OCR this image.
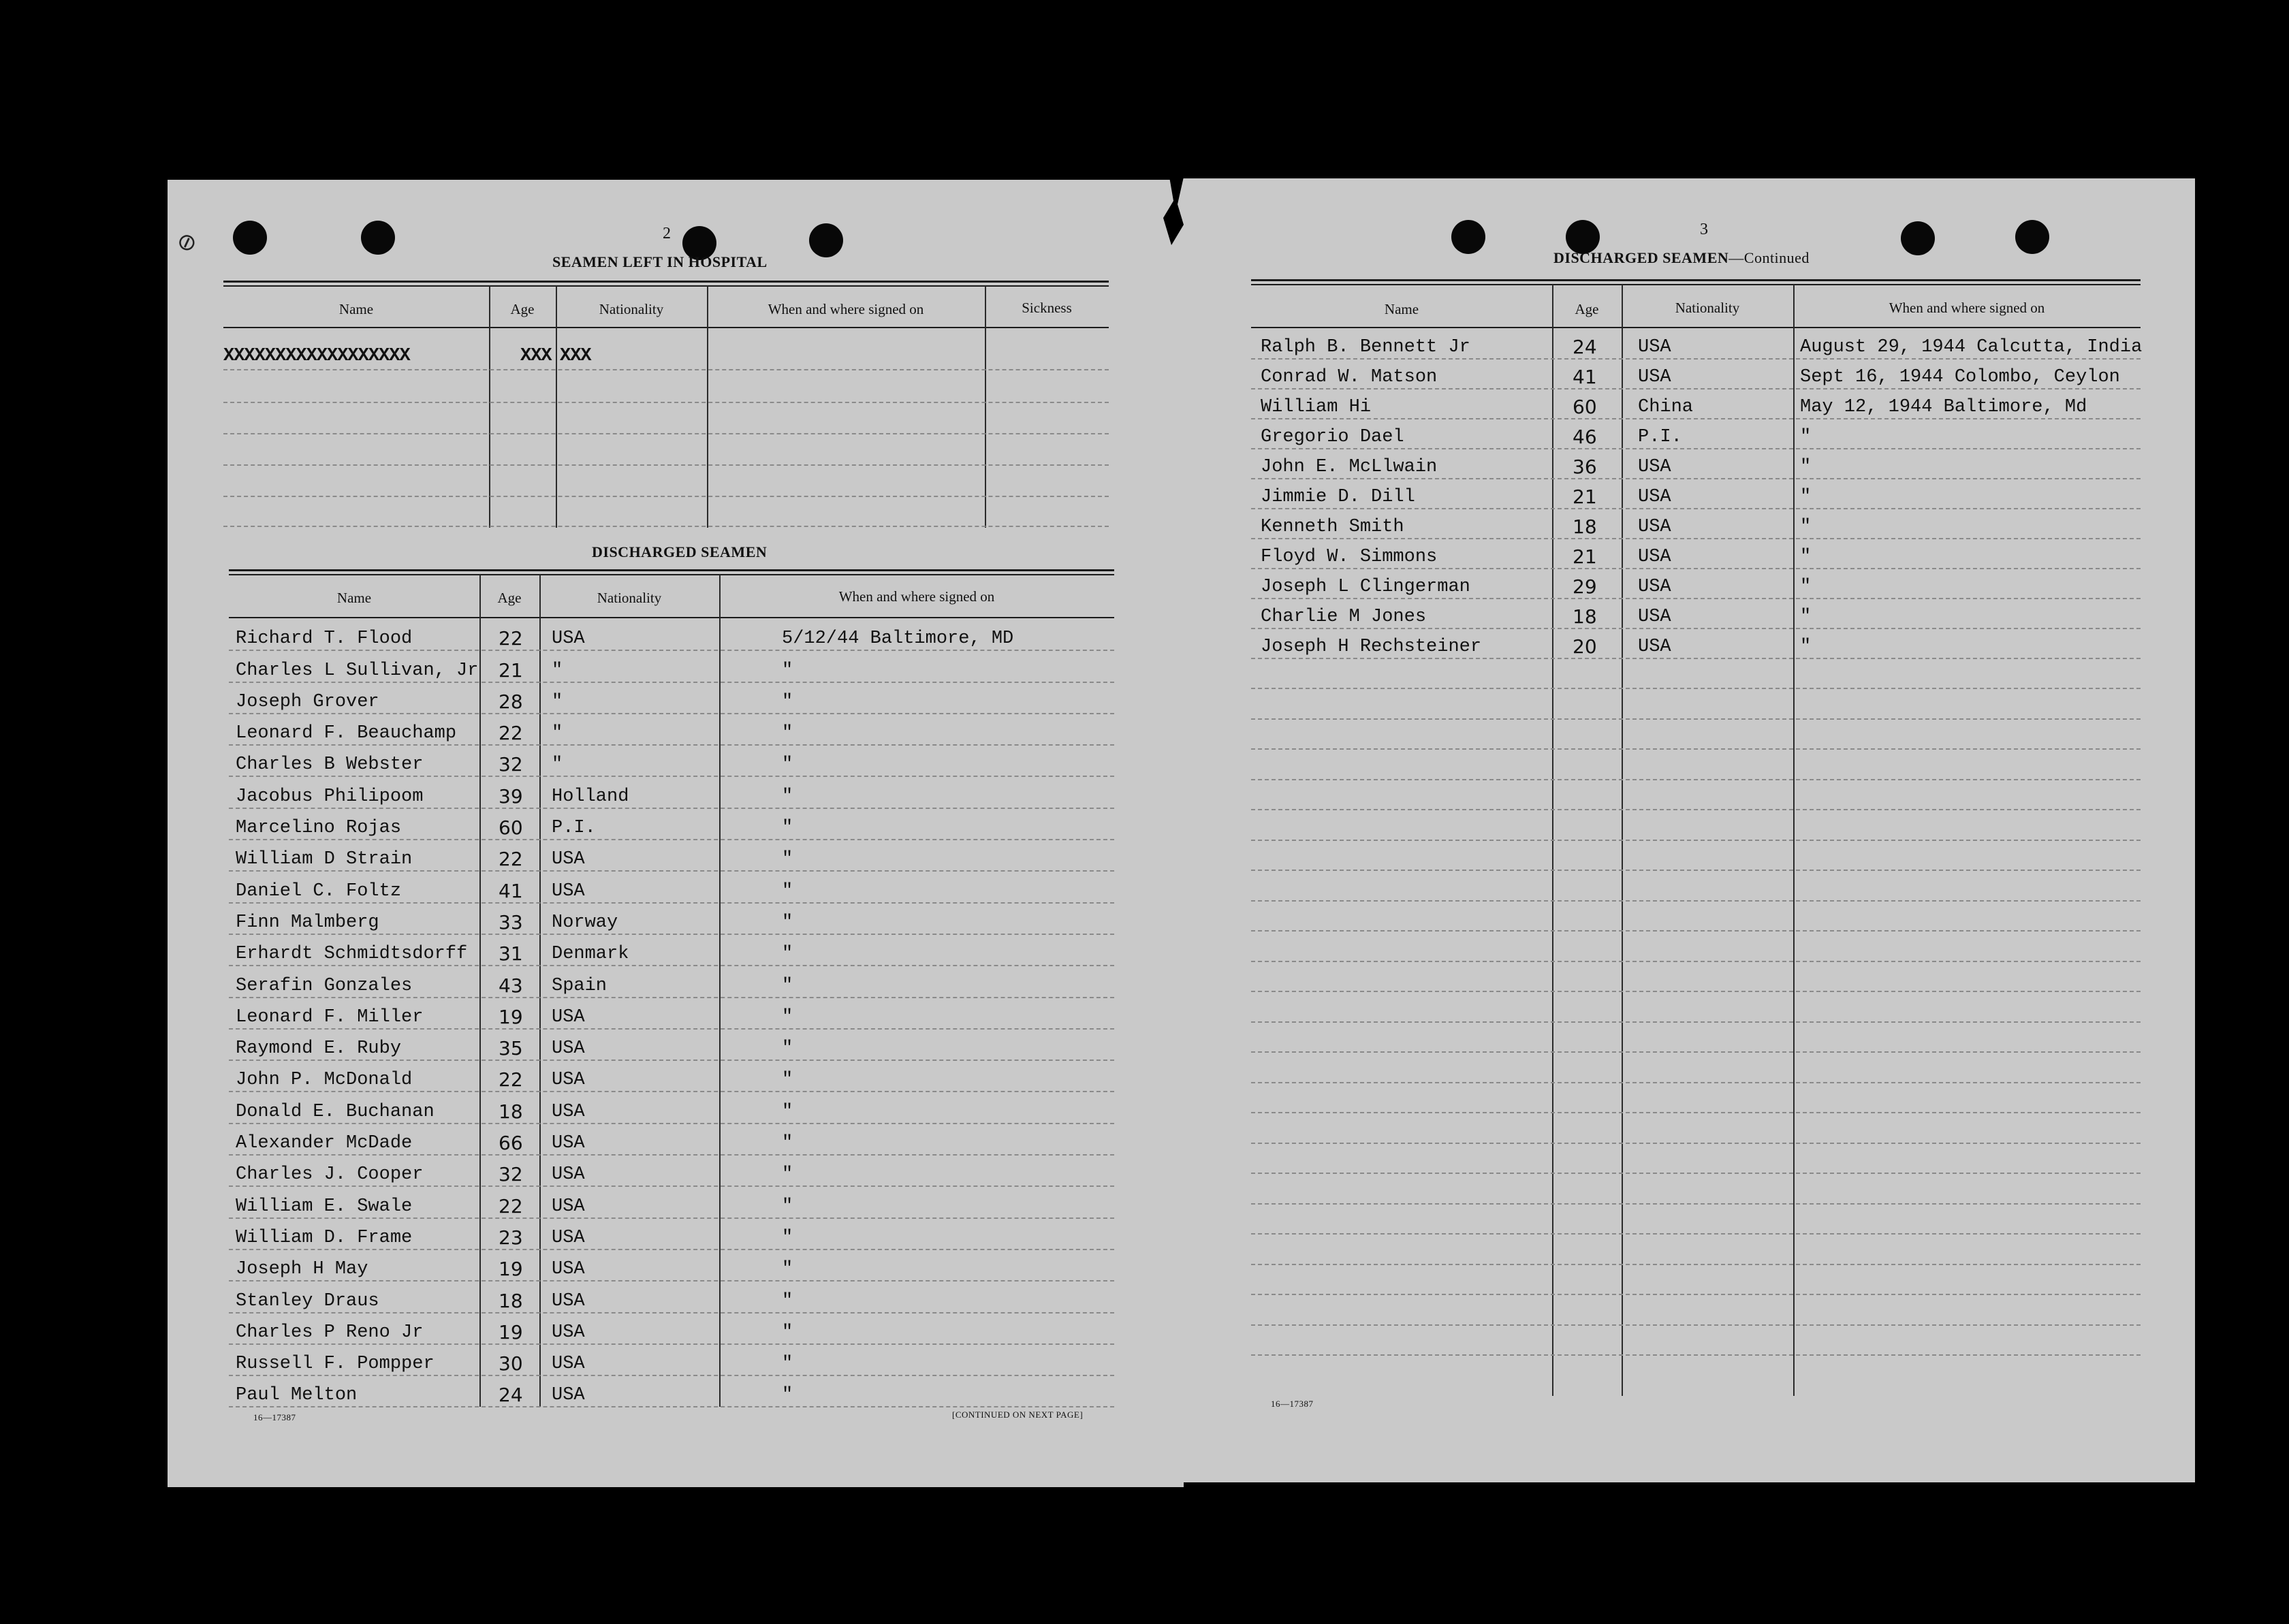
⊘	2
SEAMEN LEFT IN HOSPITAL
Name	Age	Nationality	When and where signed on	Sickness
XXXXXXXXXXXXXXXXXX	XXX XXX
DISCHARGED SEAMEN
Name	Age	Nationality	When and where signed on
Richard T. Flood	22 USA	5/12/44 Baltimore, MD
Charles L Sullivan, Jr 21 "	"
Joseph Grover	28 "	"
Leonard F. Beauchamp 22 "	"
Charles B Webster	32 "	"
Jacobus Philipoom	39 Holland	"
Marcelino Rojas	60 P.I.	"
William D Strain	22 USA	"
Daniel C. Foltz	41 USA	"
Finn Malmberg	33 Norway	"
Erhardt Schmidtsdorff 31 Denmark	"
Serafin Gonzales	43 Spain	"
Leonard F. Miller	19 USA	"
Raymond E. Ruby	35 USA	"
John P. McDonald	22 USA	"
Donald E. Buchanan	18 USA	"
Alexander McDade	66 USA	"
Charles J. Cooper	32 USA	"
William E. Swale	22 USA	"
William D. Frame	23 USA	"
Joseph H May	19 USA	"
Stanley Draus	18 USA	"
Charles P Reno Jr	19 USA	"
Russell F. Pompper	30 USA	"
Paul Melton	24 USA	"
16—17387	[CONTINUED ON NEXT PAGE]
3
DISCHARGED SEAMEN—Continued
Name	Age	Nationality	When and where signed on
Ralph B. Bennett Jr	24 USA	August 29, 1944 Calcutta, India
Conrad W. Matson	41 USA	Sept 16, 1944 Colombo, Ceylon
William Hi	60 China	May 12, 1944 Baltimore, Md
Gregorio Dael	46 P.I.	"
John E. McLlwain	36 USA	"
Jimmie D. Dill	21 USA	"
Kenneth Smith	18 USA	"
Floyd W. Simmons	21 USA	"
Joseph L Clingerman	29 USA	"
Charlie M Jones	18 USA	"
Joseph H Rechsteiner	20 USA	"
16—17387
